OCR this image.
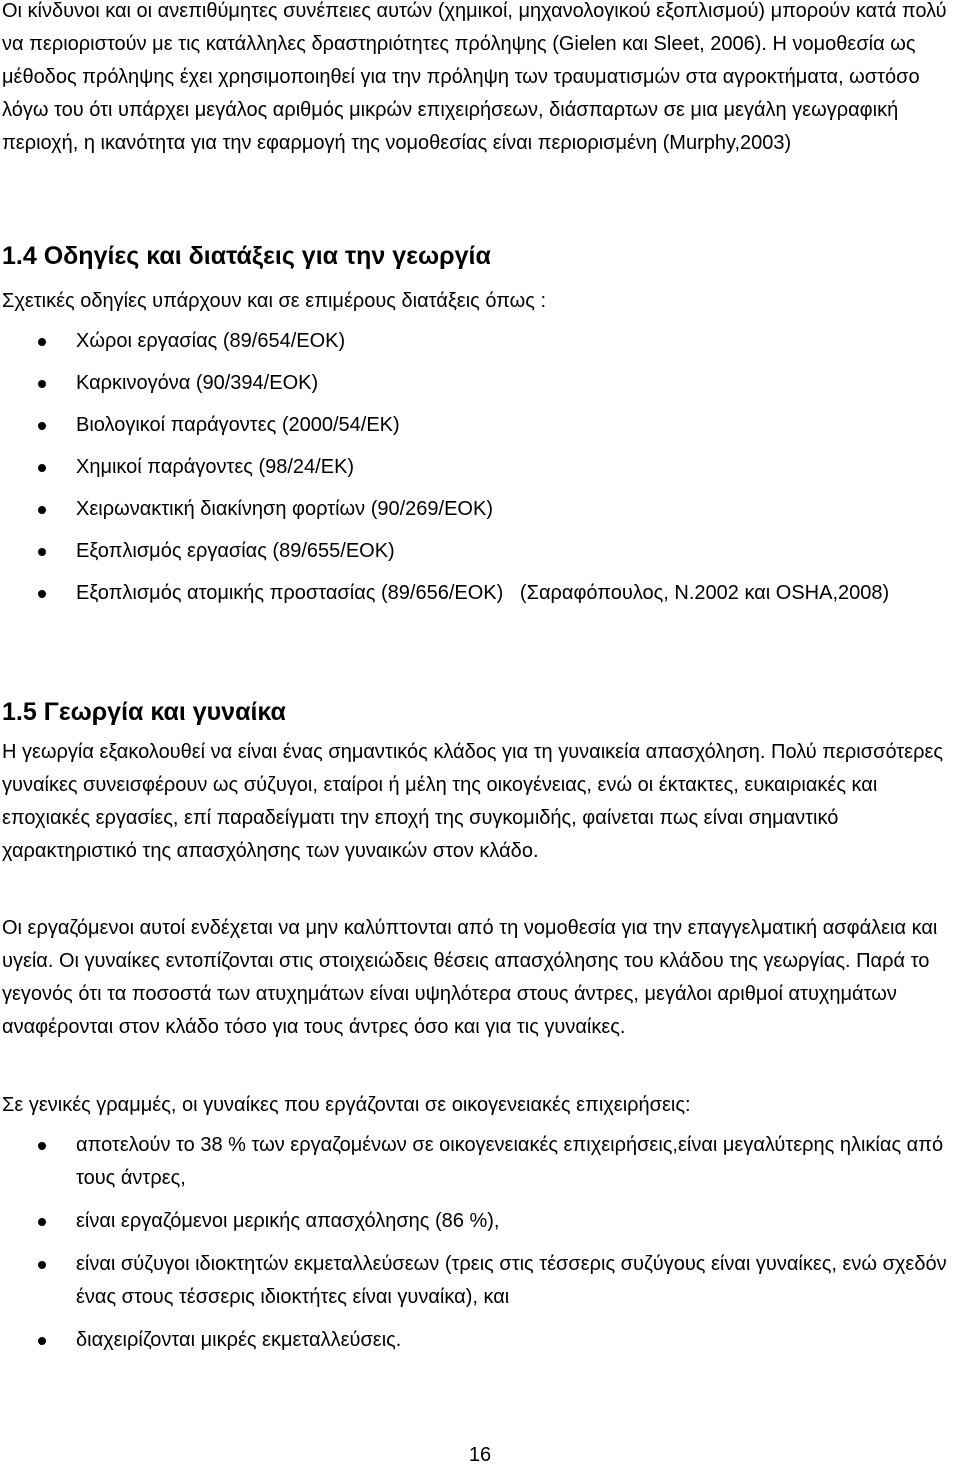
Οι κίνδυνοι και οι ανεπιθύμητες συνέπειες αυτών (χημικοί, μηχανολογικού εξοπλισμού) μπορούν κατά πολύ να περιοριστούν με τις κατάλληλες δραστηριότητες πρόληψης (Gielen και Sleet, 2006). Η νομοθεσία ως μέθοδος πρόληψης έχει χρησιμοποιηθεί για την πρόληψη των τραυματισμών στα αγροκτήματα, ωστόσο λόγω του ότι υπάρχει μεγάλος αριθμός μικρών επιχειρήσεων, διάσπαρτων σε μια μεγάλη γεωγραφική περιοχή, η ικανότητα για την εφαρμογή της νομοθεσίας είναι περιορισμένη (Murphy,2003)

1.4 Οδηγίες και διατάξεις για την γεωργία

Σχετικές οδηγίες υπάρχουν και σε επιμέρους διατάξεις όπως :

Χώροι εργασίας (89/654/ΕΟΚ)
Καρκινογόνα (90/394/ΕΟΚ)
Βιολογικοί παράγοντες (2000/54/ΕΚ)
Χημικοί παράγοντες (98/24/ΕΚ)
Χειρωνακτική διακίνηση φορτίων (90/269/ΕΟΚ)
Εξοπλισμός εργασίας (89/655/ΕΟΚ)
Εξοπλισμός ατομικής προστασίας (89/656/ΕΟΚ)   (Σαραφόπουλος, Ν.2002 και OSHA,2008)
1.5 Γεωργία και γυναίκα

Η γεωργία εξακολουθεί να είναι ένας σημαντικός κλάδος για τη γυναικεία απασχόληση. Πολύ περισσότερες γυναίκες συνεισφέρουν ως σύζυγοι, εταίροι ή μέλη της οικογένειας, ενώ οι έκτακτες, ευκαιριακές και εποχιακές εργασίες, επί παραδείγματι την εποχή της συγκομιδής, φαίνεται πως είναι σημαντικό χαρακτηριστικό της απασχόλησης των γυναικών στον κλάδο.

Οι εργαζόμενοι αυτοί ενδέχεται να μην καλύπτονται από τη νομοθεσία για την επαγγελματική ασφάλεια και υγεία. Οι γυναίκες εντοπίζονται στις στοιχειώδεις θέσεις απασχόλησης του κλάδου της γεωργίας. Παρά το γεγονός ότι τα ποσοστά των ατυχημάτων είναι υψηλότερα στους άντρες, μεγάλοι αριθμοί ατυχημάτων αναφέρονται στον κλάδο τόσο για τους άντρες όσο και για τις γυναίκες.

Σε γενικές γραμμές, οι γυναίκες που εργάζονται σε οικογενειακές επιχειρήσεις:

αποτελούν το 38 % των εργαζομένων σε οικογενειακές επιχειρήσεις,είναι μεγαλύτερης ηλικίας από τους άντρες,
είναι εργαζόμενοι μερικής απασχόλησης (86 %),
είναι σύζυγοι ιδιοκτητών εκμεταλλεύσεων (τρεις στις τέσσερις συζύγους είναι γυναίκες, ενώ σχεδόν ένας στους τέσσερις ιδιοκτήτες είναι γυναίκα), και
διαχειρίζονται μικρές εκμεταλλεύσεις.
16
